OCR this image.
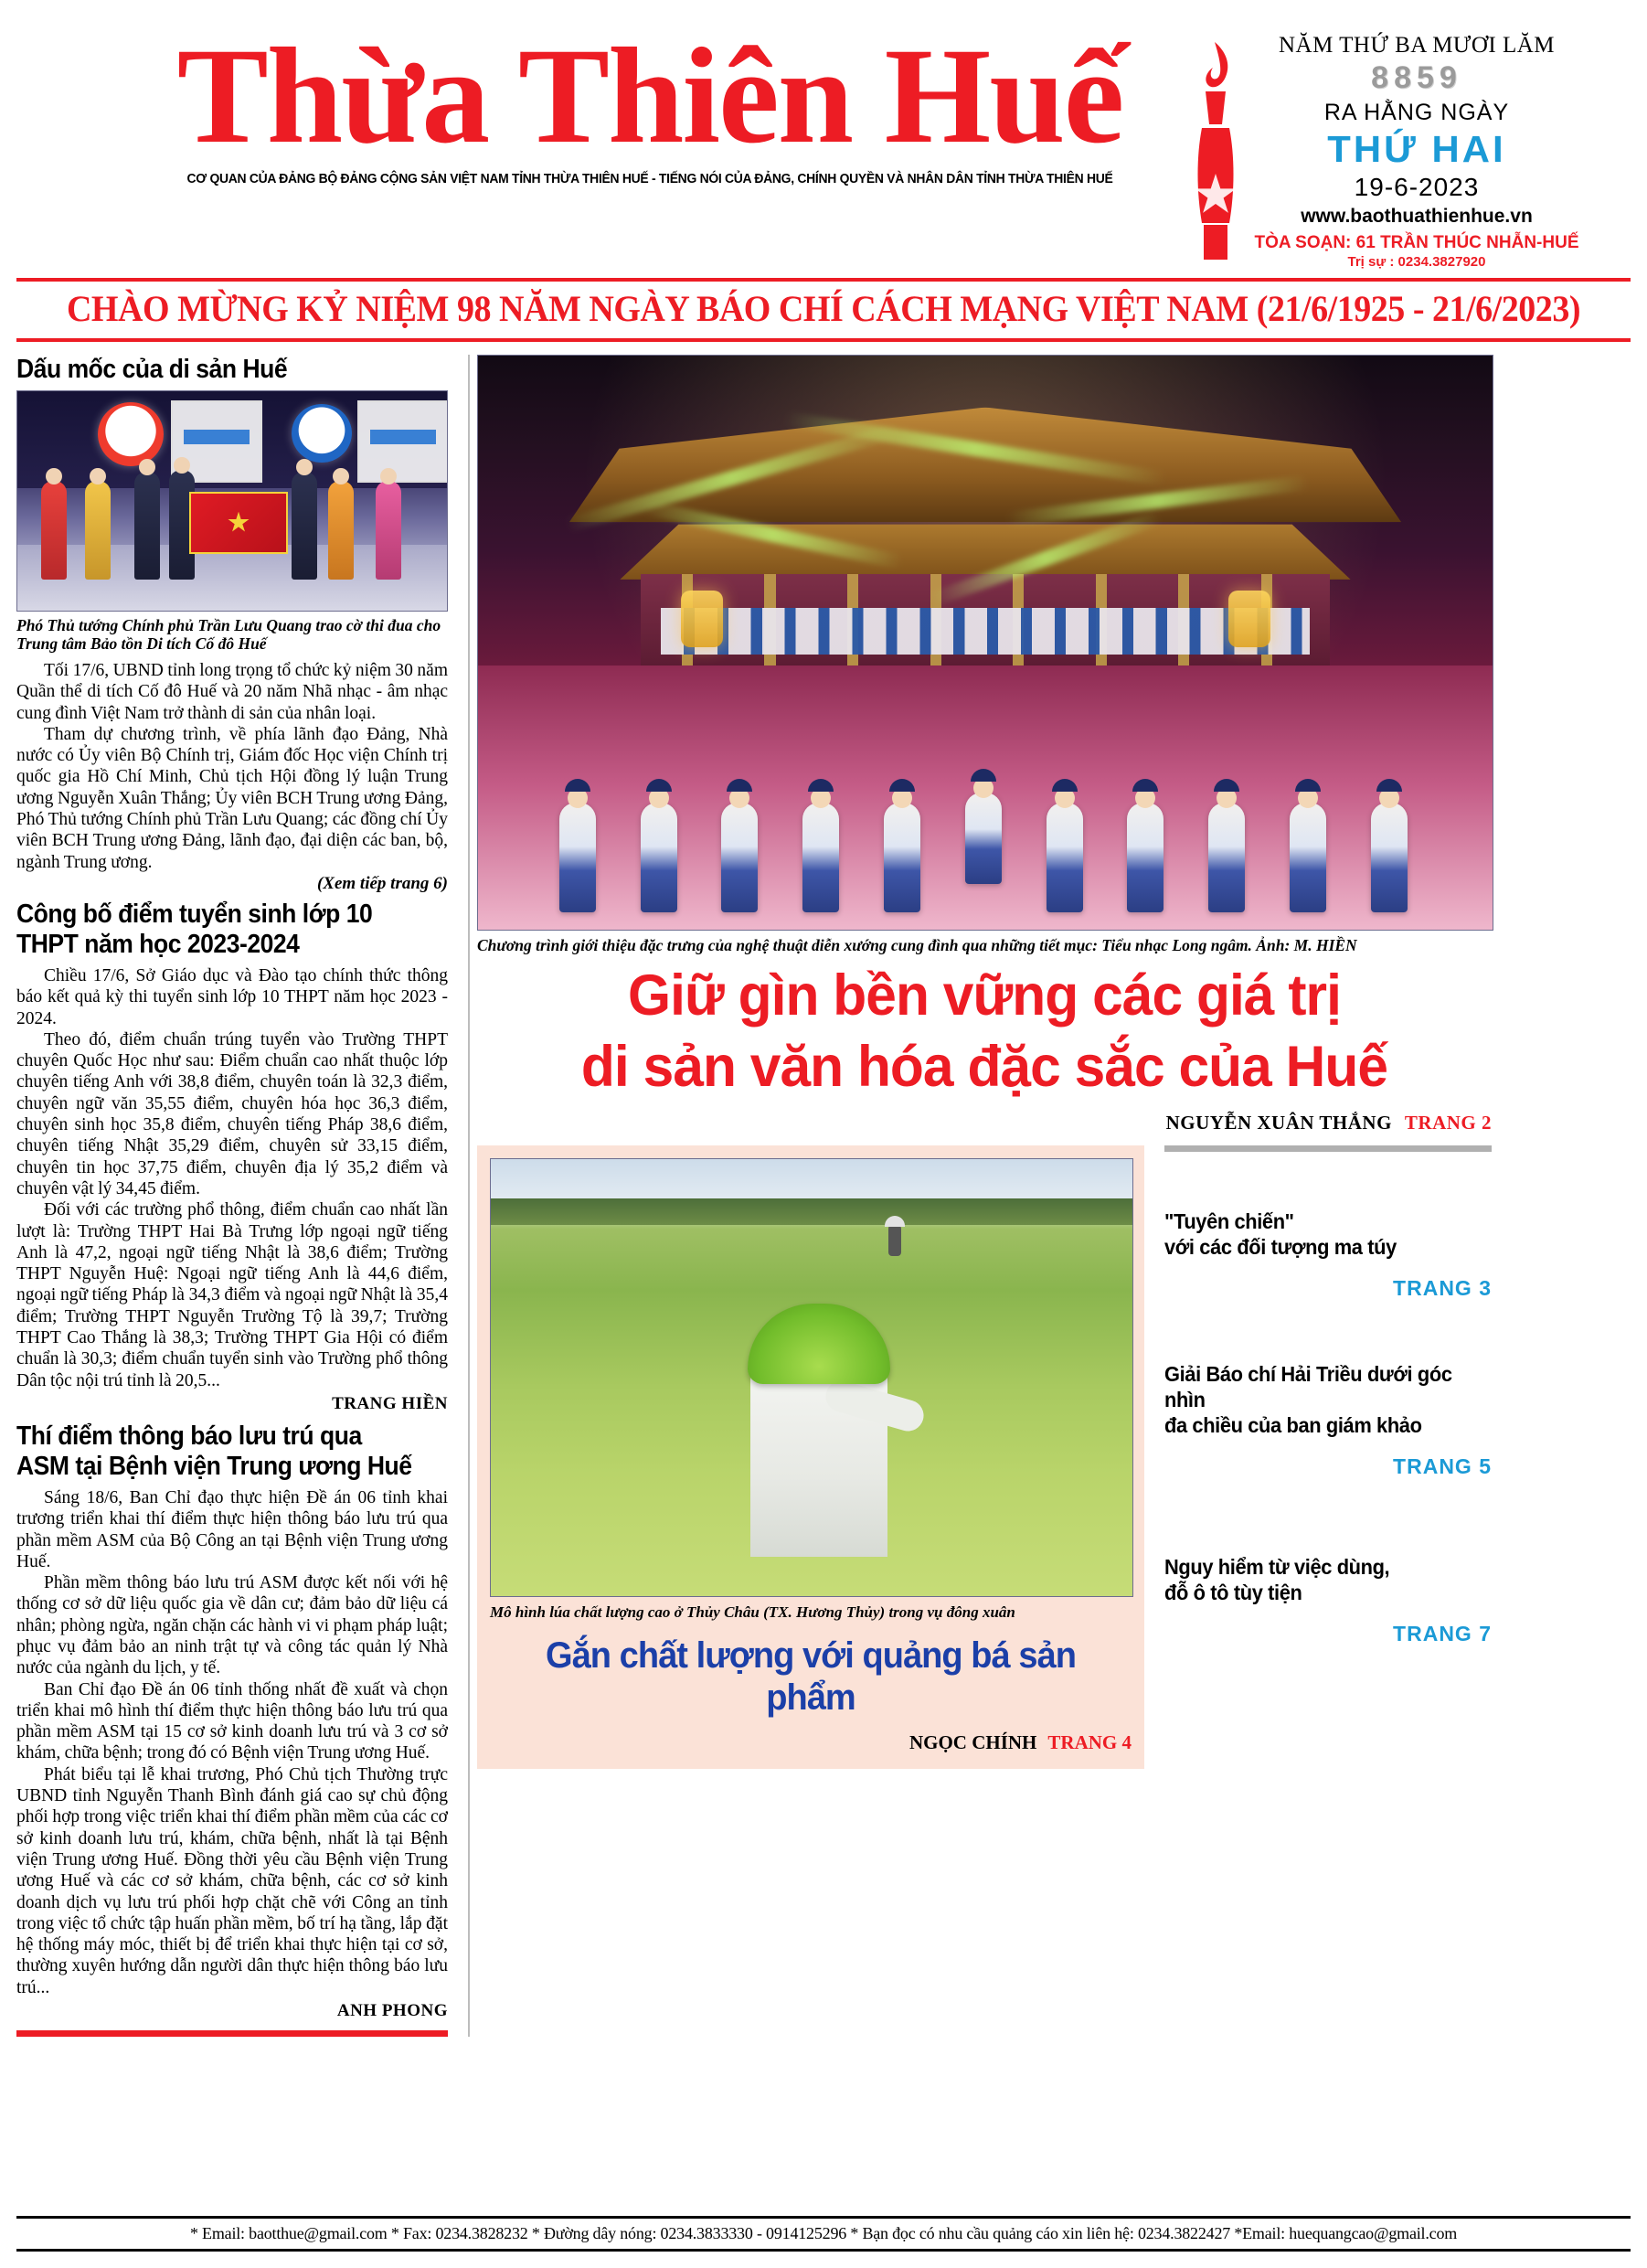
Thừa Thiên Huế
CƠ QUAN CỦA ĐẢNG BỘ ĐẢNG CỘNG SẢN VIỆT NAM TỈNH THỪA THIÊN HUẾ - TIẾNG NÓI CỦA ĐẢNG, CHÍNH QUYỀN VÀ NHÂN DÂN TỈNH THỪA THIÊN HUẾ
NĂM THỨ BA MƯƠI LĂM
8859
RA HẰNG NGÀY
THỨ HAI
19-6-2023
www.baothuathienhue.vn
TÒA SOẠN: 61 TRẦN THÚC NHẪN-HUẾ
Trị sự : 0234.3827920
CHÀO MỪNG KỶ NIỆM 98 NĂM NGÀY BÁO CHÍ CÁCH MẠNG VIỆT NAM (21/6/1925 - 21/6/2023)
Dấu mốc của di sản Huế
Phó Thủ tướng Chính phủ Trần Lưu Quang trao cờ thi đua cho Trung tâm Bảo tồn Di tích Cố đô Huế

Tối 17/6, UBND tỉnh long trọng tổ chức kỷ niệm 30 năm Quần thể di tích Cố đô Huế và 20 năm Nhã nhạc - âm nhạc cung đình Việt Nam trở thành di sản của nhân loại.

Tham dự chương trình, về phía lãnh đạo Đảng, Nhà nước có Ủy viên Bộ Chính trị, Giám đốc Học viện Chính trị quốc gia Hồ Chí Minh, Chủ tịch Hội đồng lý luận Trung ương Nguyễn Xuân Thắng; Ủy viên BCH Trung ương Đảng, Phó Thủ tướng Chính phủ Trần Lưu Quang; các đồng chí Ủy viên BCH Trung ương Đảng, lãnh đạo, đại diện các ban, bộ, ngành Trung ương.

(Xem tiếp trang 6)
Công bố điểm tuyển sinh lớp 10 THPT năm học 2023-2024

Chiều 17/6, Sở Giáo dục và Đào tạo chính thức thông báo kết quả kỳ thi tuyển sinh lớp 10 THPT năm học 2023 - 2024.

Theo đó, điểm chuẩn trúng tuyển vào Trường THPT chuyên Quốc Học như sau: Điểm chuẩn cao nhất thuộc lớp chuyên tiếng Anh với 38,8 điểm, chuyên toán là 32,3 điểm, chuyên ngữ văn 35,55 điểm, chuyên hóa học 36,3 điểm, chuyên sinh học 35,8 điểm, chuyên tiếng Pháp 38,6 điểm, chuyên tiếng Nhật 35,29 điểm, chuyên sử 33,15 điểm, chuyên tin học 37,75 điểm, chuyên địa lý 35,2 điểm và chuyên vật lý 34,45 điểm.

Đối với các trường phổ thông, điểm chuẩn cao nhất lần lượt là: Trường THPT Hai Bà Trưng lớp ngoại ngữ tiếng Anh là 47,2, ngoại ngữ tiếng Nhật là 38,6 điểm; Trường THPT Nguyễn Huệ: Ngoại ngữ tiếng Anh là 44,6 điểm, ngoại ngữ tiếng Pháp là 34,3 điểm và ngoại ngữ Nhật là 35,4 điểm; Trường THPT Nguyễn Trường Tộ là 39,7; Trường THPT Cao Thắng là 38,3; Trường THPT Gia Hội có điểm chuẩn là 30,3; điểm chuẩn tuyển sinh vào Trường phổ thông Dân tộc nội trú tỉnh là 20,5...

TRANG HIỀN
Thí điểm thông báo lưu trú qua ASM tại Bệnh viện Trung ương Huế

Sáng 18/6, Ban Chỉ đạo thực hiện Đề án 06 tỉnh khai trương triển khai thí điểm thực hiện thông báo lưu trú qua phần mềm ASM của Bộ Công an tại Bệnh viện Trung ương Huế.

Phần mềm thông báo lưu trú ASM được kết nối với hệ thống cơ sở dữ liệu quốc gia về dân cư; đảm bảo dữ liệu cá nhân; phòng ngừa, ngăn chặn các hành vi vi phạm pháp luật; phục vụ đảm bảo an ninh trật tự và công tác quản lý Nhà nước của ngành du lịch, y tế.

Ban Chỉ đạo Đề án 06 tỉnh thống nhất đề xuất và chọn triển khai mô hình thí điểm thực hiện thông báo lưu trú qua phần mềm ASM tại 15 cơ sở kinh doanh lưu trú và 3 cơ sở khám, chữa bệnh; trong đó có Bệnh viện Trung ương Huế.

Phát biểu tại lễ khai trương, Phó Chủ tịch Thường trực UBND tỉnh Nguyễn Thanh Bình đánh giá cao sự chủ động phối hợp trong việc triển khai thí điểm phần mềm của các cơ sở kinh doanh lưu trú, khám, chữa bệnh, nhất là tại Bệnh viện Trung ương Huế. Đồng thời yêu cầu Bệnh viện Trung ương Huế và các cơ sở khám, chữa bệnh, các cơ sở kinh doanh dịch vụ lưu trú phối hợp chặt chẽ với Công an tỉnh trong việc tổ chức tập huấn phần mềm, bố trí hạ tầng, lắp đặt hệ thống máy móc, thiết bị để triển khai thực hiện tại cơ sở, thường xuyên hướng dẫn người dân thực hiện thông báo lưu trú...

ANH PHONG
Chương trình giới thiệu đặc trưng của nghệ thuật diễn xướng cung đình qua những tiết mục: Tiểu nhạc Long ngâm. Ảnh: M. HIỀN
Giữ gìn bền vững các giá trị
di sản văn hóa đặc sắc của Huế
NGUYỄN XUÂN THẮNG TRANG 2
Mô hình lúa chất lượng cao ở Thủy Châu (TX. Hương Thủy) trong vụ đông xuân
Gắn chất lượng với quảng bá sản phẩm
NGỌC CHÍNH TRANG 4
"Tuyên chiến"
với các đối tượng ma túy
TRANG 3
Giải Báo chí Hải Triều dưới góc nhìn
đa chiều của ban giám khảo
TRANG 5
Nguy hiểm từ việc dùng,
đỗ ô tô tùy tiện
TRANG 7
* Email: baotthue@gmail.com * Fax: 0234.3828232 * Đường dây nóng: 0234.3833330 - 0914125296 * Bạn đọc có nhu cầu quảng cáo xin liên hệ: 0234.3822427 *Email: huequangcao@gmail.com
